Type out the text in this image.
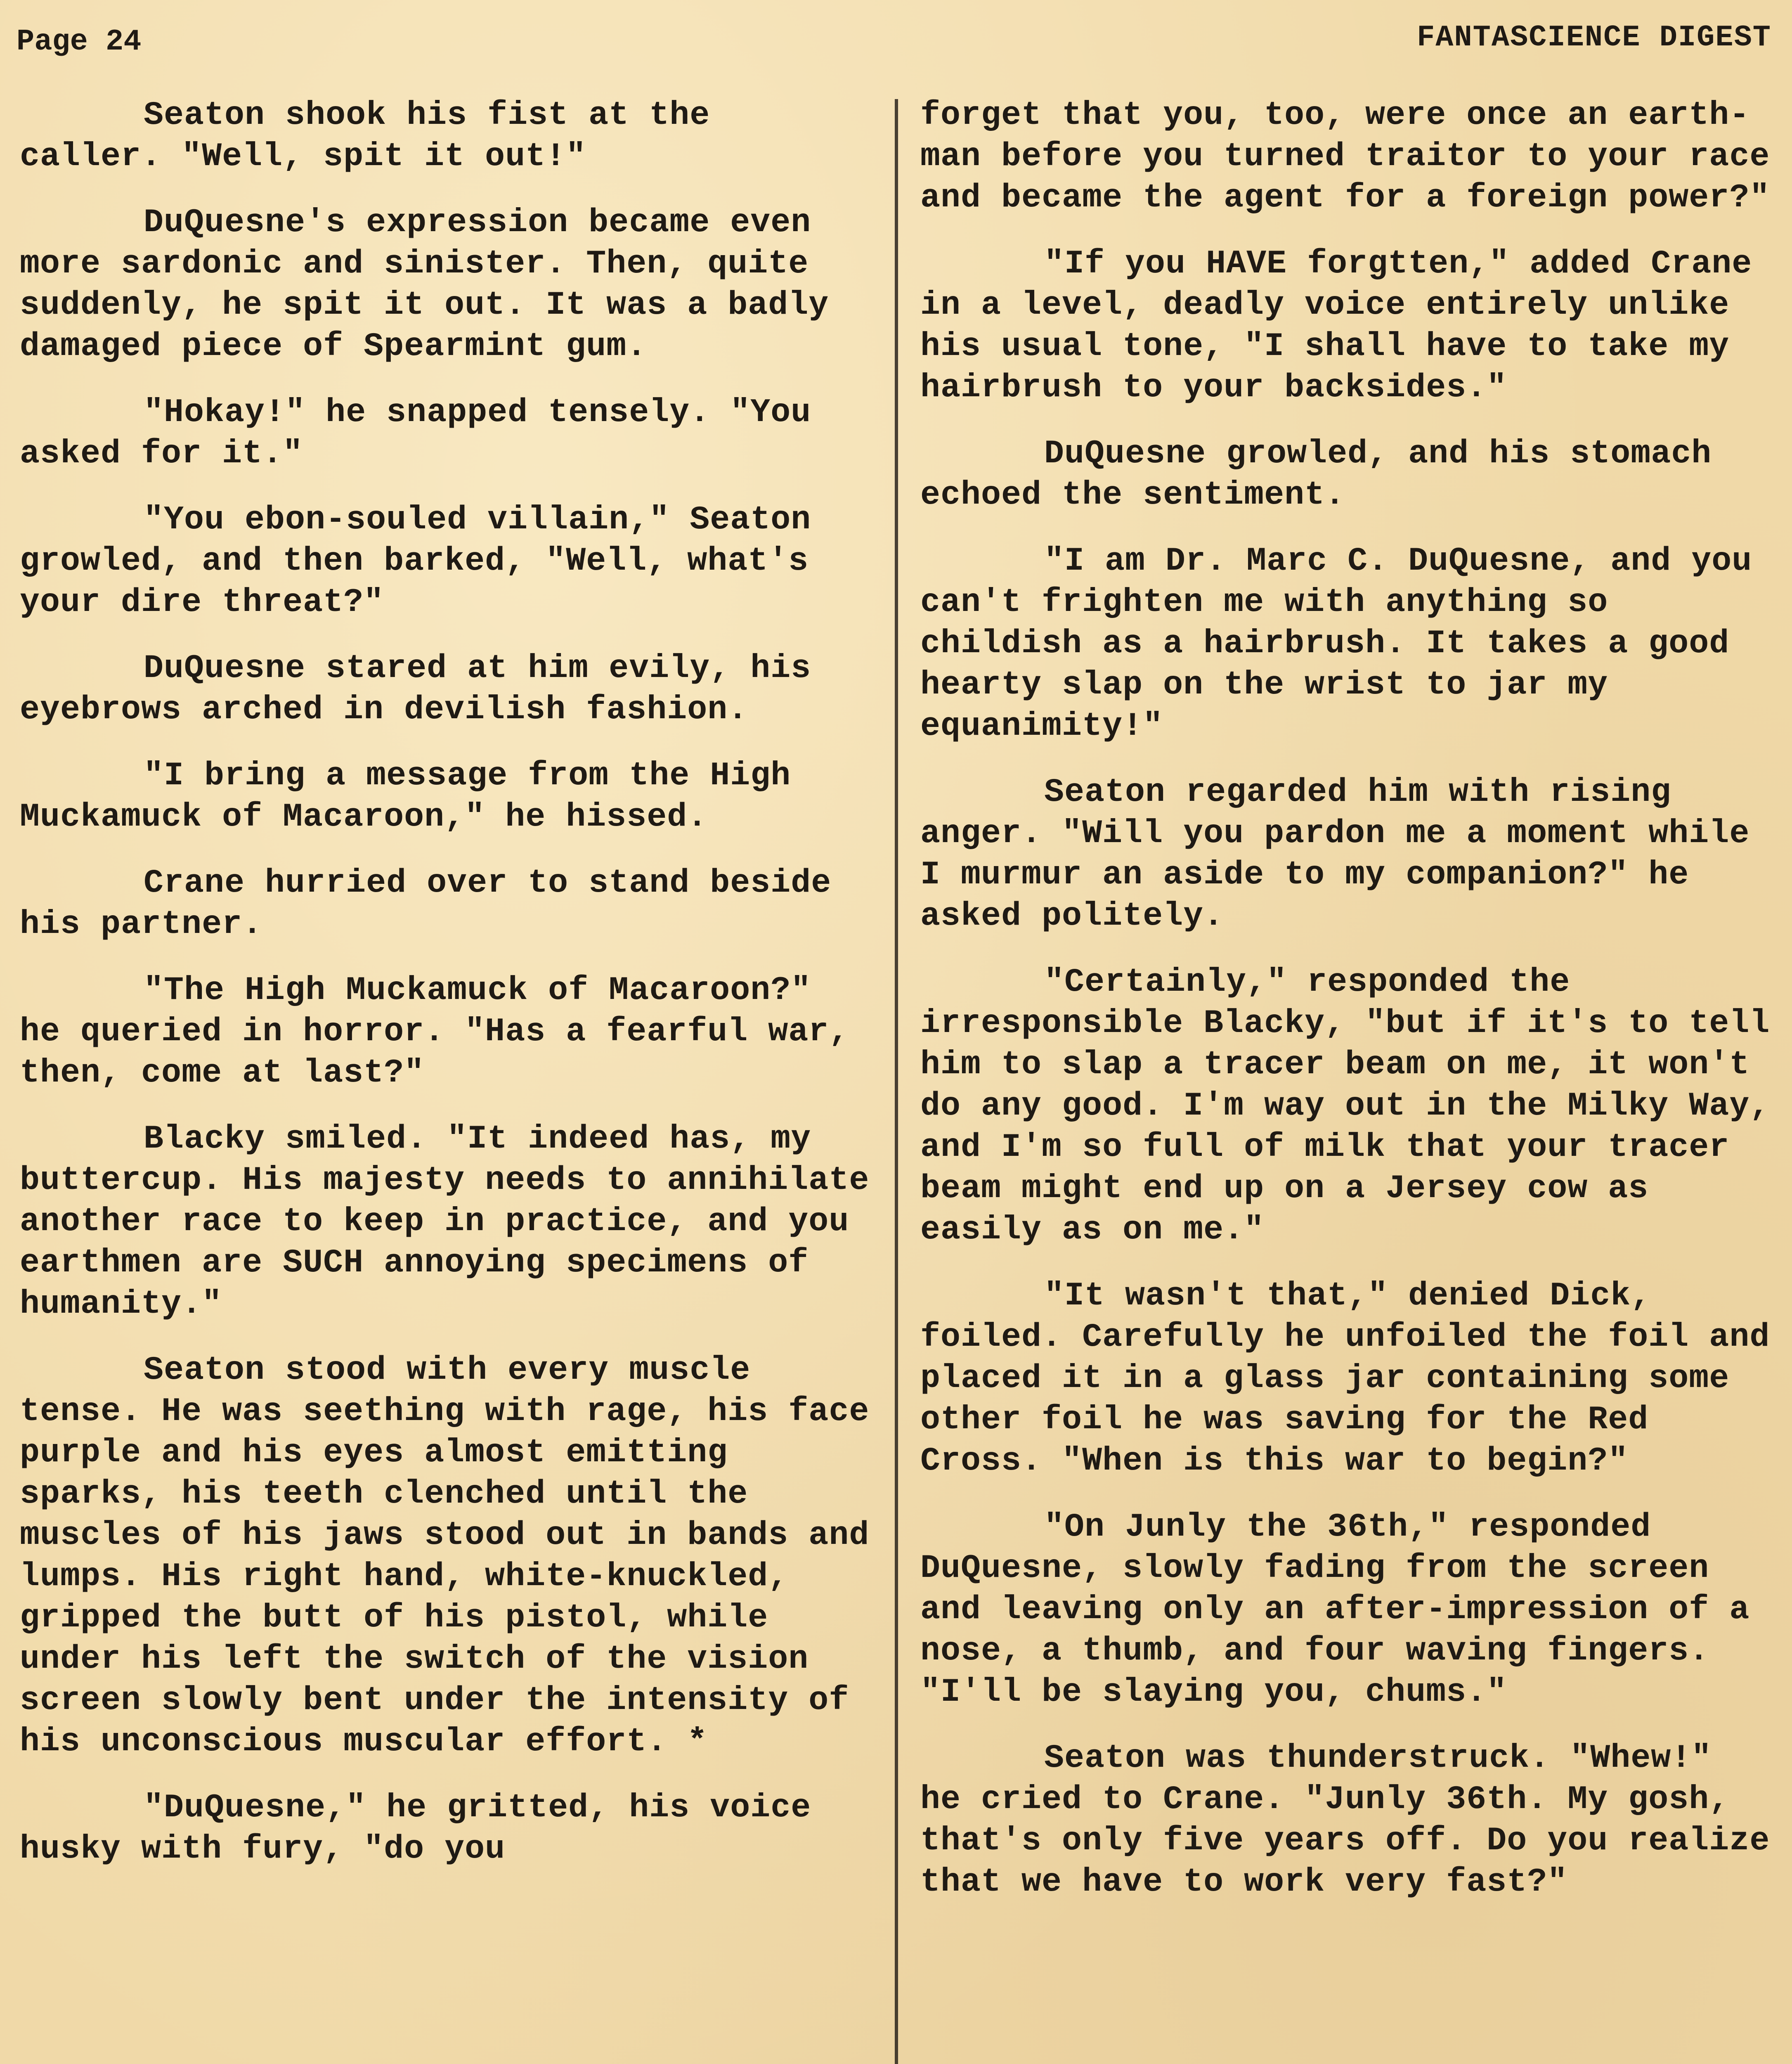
Page 24	FANTASCIENCE DIGEST

Seaton shook his fist at the caller. "Well, spit it out!"

DuQuesne's expression became even more sardonic and sinister. Then, quite suddenly, he spit it out. It was a badly damaged piece of Spearmint gum.

"Hokay!" he snapped tensely. "You asked for it."

"You ebon-souled villain," Seaton growled, and then barked, "Well, what's your dire threat?"

DuQuesne stared at him evily, his eyebrows arched in devilish fashion.

"I bring a message from the High Muckamuck of Macaroon," he hissed.

Crane hurried over to stand beside his partner.

"The High Muckamuck of Macaroon?" he queried in horror. "Has a fearful war, then, come at last?"

Blacky smiled. "It indeed has, my buttercup. His majesty needs to annihilate another race to keep in practice, and you earthmen are SUCH annoying specimens of humanity."

Seaton stood with every muscle tense. He was seething with rage, his face purple and his eyes almost emitting sparks, his teeth clenched until the muscles of his jaws stood out in bands and lumps. His right hand, white-knuckled, gripped the butt of his pistol, while under his left the switch of the vision screen slowly bent under the intensity of his unconscious muscular effort. *

"DuQuesne," he gritted, his voice husky with fury, "do you

forget that you, too, were once an earth-man before you turned traitor to your race and became the agent for a foreign power?"

"If you HAVE forgtten," added Crane in a level, deadly voice entirely unlike his usual tone, "I shall have to take my hairbrush to your backsides."

DuQuesne growled, and his stomach echoed the sentiment.

"I am Dr. Marc C. DuQuesne, and you can't frighten me with anything so childish as a hairbrush. It takes a good hearty slap on the wrist to jar my equanimity!"

Seaton regarded him with rising anger. "Will you pardon me a moment while I murmur an aside to my companion?" he asked politely.

"Certainly," responded the irresponsible Blacky, "but if it's to tell him to slap a tracer beam on me, it won't do any good. I'm way out in the Milky Way, and I'm so full of milk that your tracer beam might end up on a Jersey cow as easily as on me."

"It wasn't that," denied Dick, foiled. Carefully he unfoiled the foil and placed it in a glass jar containing some other foil he was saving for the Red Cross. "When is this war to begin?"

"On Junly the 36th," responded DuQuesne, slowly fading from the screen and leaving only an after-impression of a nose, a thumb, and four waving fingers. "I'll be slaying you, chums."

Seaton was thunderstruck. "Whew!" he cried to Crane. "Junly 36th. My gosh, that's only five years off. Do you realize that we have to work very fast?"
